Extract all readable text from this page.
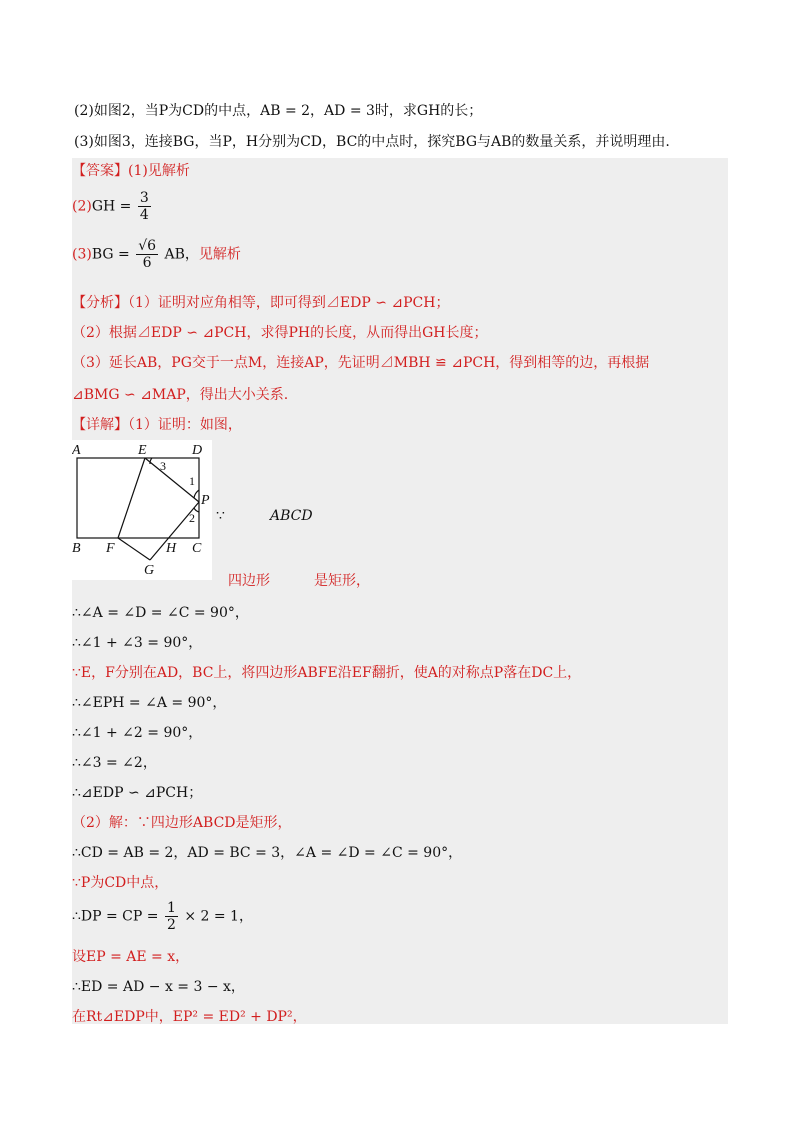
(2)如图2，当P为CD的中点，AB = 2，AD = 3时，求GH的长；
(3)如图3，连接BG，当P，H分别为CD，BC的中点时，探究BG与AB的数量关系，并说明理由.
【答案】(1)见解析
$(2)GH = \frac{3}{4}$
$(3)BG = \frac{√6}{6}$ AB，见解析
【分析】（1）证明对应角相等，即可得到⊿EDP ∽ ⊿PCH；
（2）根据⊿EDP ∽ ⊿PCH，求得PH的长度，从而得出GH长度；
（3）延长AB，PG交于一点M，连接AP，先证明⊿MBH ≌ ⊿PCH，得到相等的边，再根据
⊿BMG ∽ ⊿MAP，得出大小关系.
【详解】（1）证明：如图，
A	E	D
B F	H C
P
G
1
2
3
∵	ABCD
四边形	是矩形，
∴∠A = ∠D = ∠C = 90°，
∴∠1 + ∠3 = 90°，
∵E，F分别在AD，BC上，将四边形ABFE沿EF翻折，使A的对称点P落在DC上，
∴∠EPH = ∠A = 90°，
∴∠1 + ∠2 = 90°，
∴∠3 = ∠2，
∴⊿EDP ∽ ⊿PCH；
（2）解：∵四边形ABCD是矩形，
∴CD = AB = 2，AD = BC = 3，∠A = ∠D = ∠C = 90°，
∵P为CD中点，
∴DP = CP = $\frac{1}{2} \times 2 = 1$，
设EP = AE = x，
∴ED = AD − x = 3 − x，
在Rt⊿EDP中，EP² = ED² + DP²，
